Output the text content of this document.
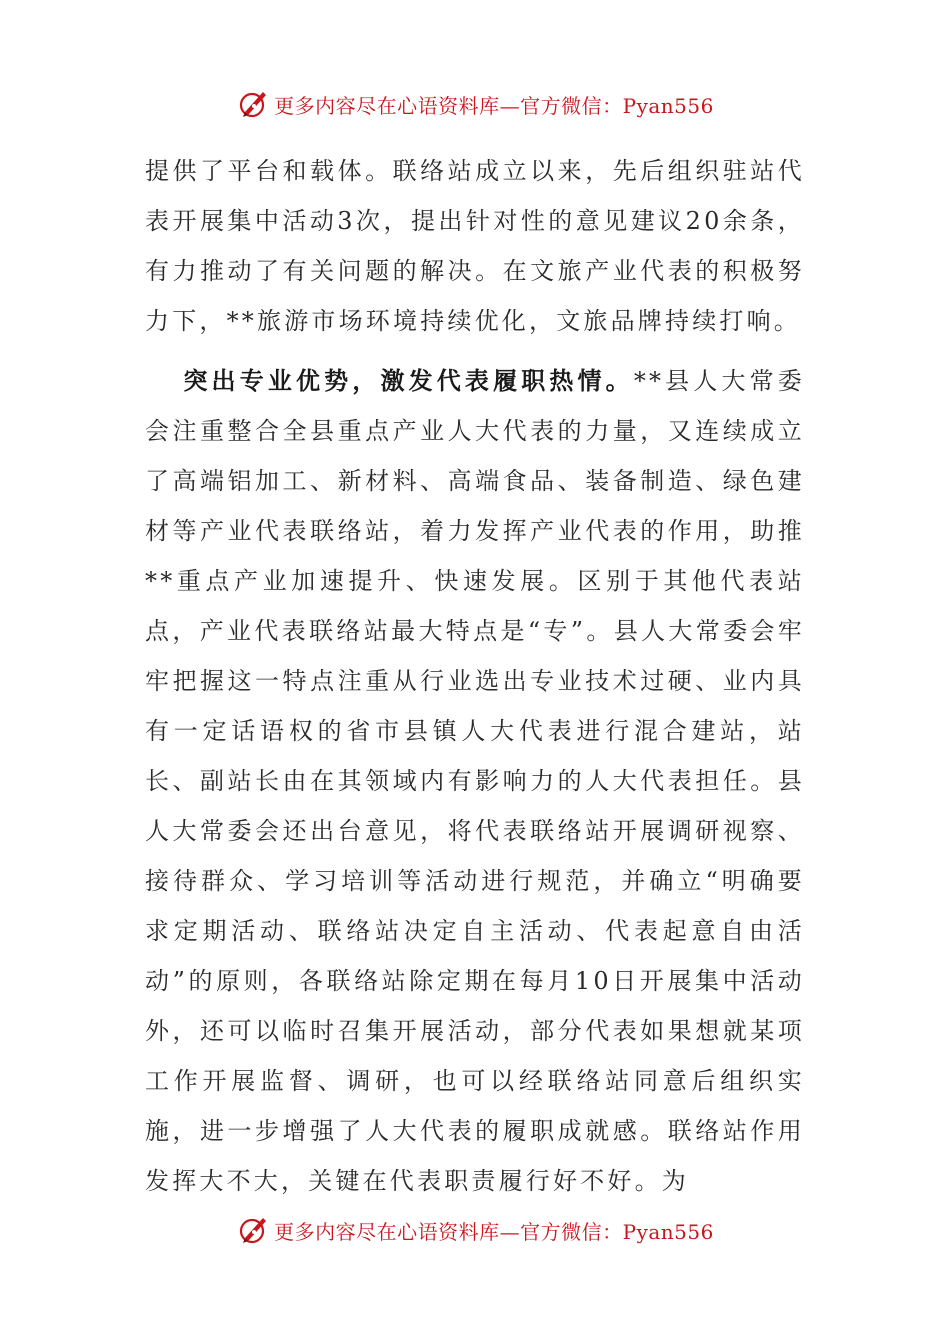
更多内容尽在心语资料库—官方微信：Pyan556

提供了平台和载体。联络站成立以来，先后组织驻站代表开展集中活动3次，提出针对性的意见建议20余条，有力推动了有关问题的解决。在文旅产业代表的积极努力下，**旅游市场环境持续优化，文旅品牌持续打响。

突出专业优势，激发代表履职热情。**县人大常委会注重整合全县重点产业人大代表的力量，又连续成立了高端铝加工、新材料、高端食品、装备制造、绿色建材等产业代表联络站，着力发挥产业代表的作用，助推**重点产业加速提升、快速发展。区别于其他代表站点，产业代表联络站最大特点是“专”。县人大常委会牢牢把握这一特点注重从行业选出专业技术过硬、业内具有一定话语权的省市县镇人大代表进行混合建站，站长、副站长由在其领域内有影响力的人大代表担任。县人大常委会还出台意见，将代表联络站开展调研视察、接待群众、学习培训等活动进行规范，并确立“明确要求定期活动、联络站决定自主活动、代表起意自由活动”的原则，各联络站除定期在每月10日开展集中活动外，还可以临时召集开展活动，部分代表如果想就某项工作开展监督、调研，也可以经联络站同意后组织实施，进一步增强了人大代表的履职成就感。联络站作用发挥大不大，关键在代表职责履行好不好。为

更多内容尽在心语资料库—官方微信：Pyan556
